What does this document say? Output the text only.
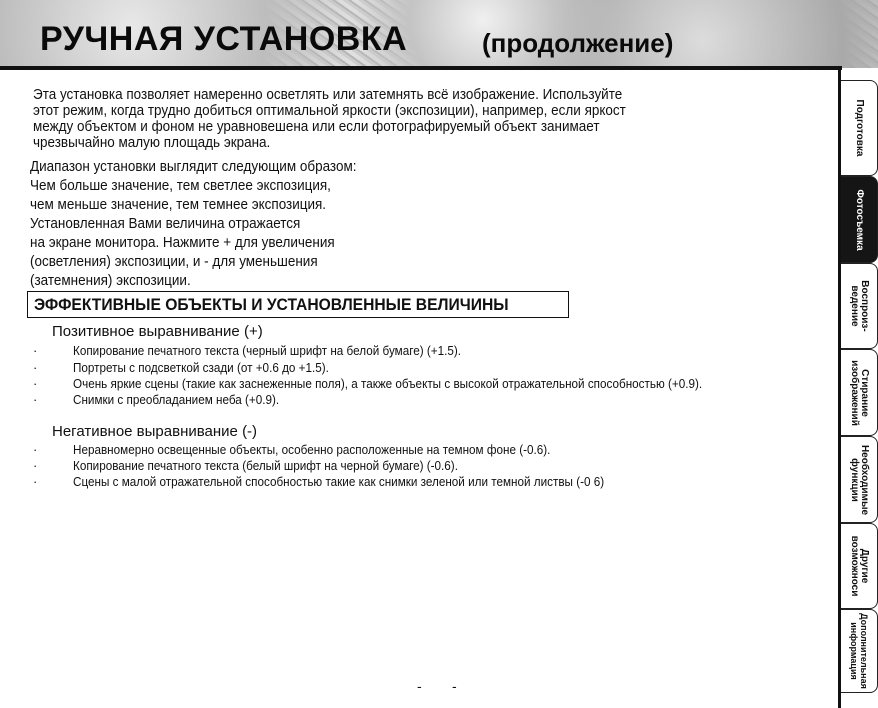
РУЧНАЯ УСТАНОВКА	(продолжение)
Эта установка позволяет намеренно осветлять или затемнять всё изображение. Используйте
этот режим, когда трудно добиться оптимальной яркости (экспозиции), например, если яркост
между объектом и фоном не уравновешена или если фотографируемый объект занимает
чрезвычайно малую площадь экрана.
Диапазон установки выглядит следующим образом:
Чем больше значение, тем светлее экспозиция,
чем меньше значение, тем темнее экспозиция.
Установленная Вами величина отражается
на экране монитора. Нажмите + для увеличения
(осветления) экспозиции, и - для уменьшения
(затемнения) экспозиции.
ЭФФЕКТИВНЫЕ ОБЪЕКТЫ И УСТАНОВЛЕННЫЕ ВЕЛИЧИНЫ
Позитивное выравнивание (+)
·	Копирование печатного текста (черный шрифт на белой бумаге) (+1.5).
·	Портреты с подсветкой сзади (от +0.6 до +1.5).
·	Очень яркие сцены (такие как заснеженные поля), а также объекты с высокой отражательной способностью (+0.9).
·	Снимки с преобладанием неба (+0.9).
Негативное выравнивание (-)
·	Неравномерно освещенные объекты, особенно расположенные на темном фоне (-0.6).
·	Копирование печатного текста (белый шрифт на черной бумаге) (-0.6).
·	Сцены с малой отражательной способностью такие как снимки зеленой или темной листвы (-0 6)
Подготовка
Фотосъемка
Воспроиз-
ведение
Стирание
изображений
Необходимые
функции
Другие
возможноси
Дополнительная
информация
- -
